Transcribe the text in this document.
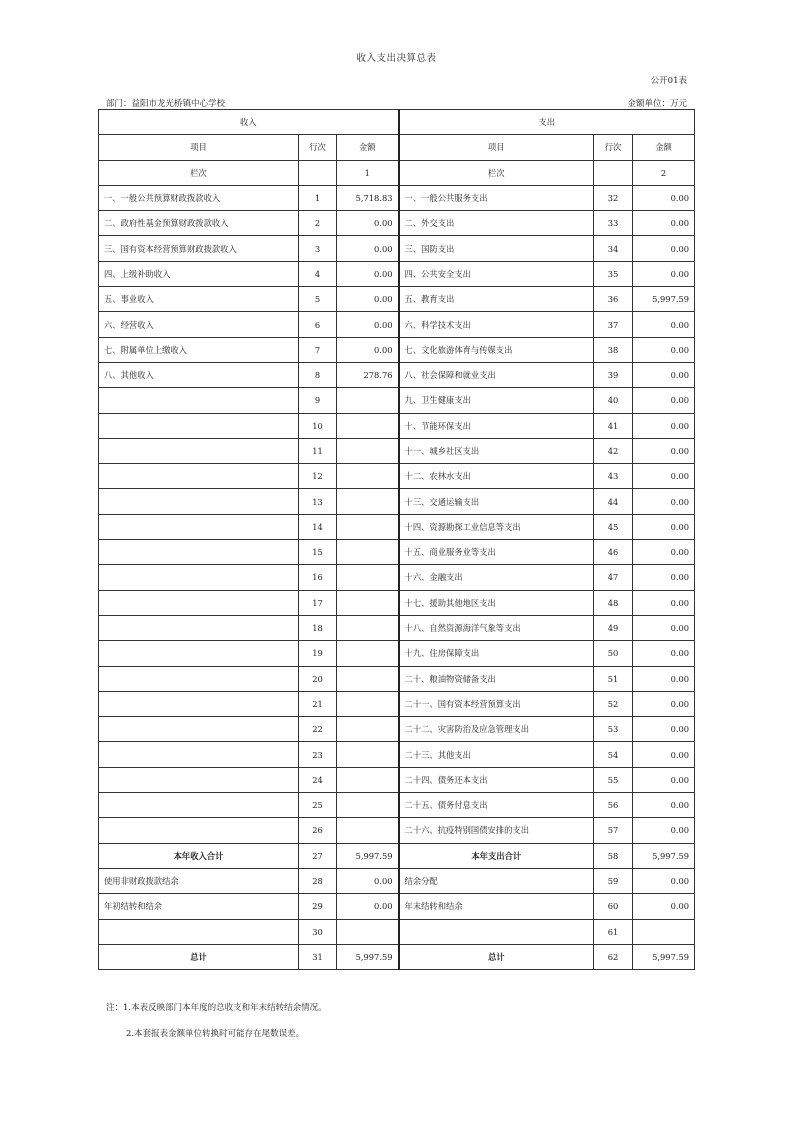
收入支出决算总表
公开01表
部门：益阳市龙光桥镇中心学校	金额单位：万元
收入			支出		
项目	行次	金额	项目	行次	金额
栏次		1	栏次		2
一、一般公共预算财政拨款收入	1	5,718.83	一、一般公共服务支出	32	0.00
二、政府性基金预算财政拨款收入	2	0.00	二、外交支出	33	0.00
三、国有资本经营预算财政拨款收入	3	0.00	三、国防支出	34	0.00
四、上级补助收入	4	0.00	四、公共安全支出	35	0.00
五、事业收入	5	0.00	五、教育支出	36	5,997.59
六、经营收入	6	0.00	六、科学技术支出	37	0.00
七、附属单位上缴收入	7	0.00	七、文化旅游体育与传媒支出	38	0.00
八、其他收入	8	278.76	八、社会保障和就业支出	39	0.00
	9		九、卫生健康支出	40	0.00
	10		十、节能环保支出	41	0.00
	11		十一、城乡社区支出	42	0.00
	12		十二、农林水支出	43	0.00
	13		十三、交通运输支出	44	0.00
	14		十四、资源勘探工业信息等支出	45	0.00
	15		十五、商业服务业等支出	46	0.00
	16		十六、金融支出	47	0.00
	17		十七、援助其他地区支出	48	0.00
	18		十八、自然资源海洋气象等支出	49	0.00
	19		十九、住房保障支出	50	0.00
	20		二十、粮油物资储备支出	51	0.00
	21		二十一、国有资本经营预算支出	52	0.00
	22		二十二、灾害防治及应急管理支出	53	0.00
	23		二十三、其他支出	54	0.00
	24		二十四、债务还本支出	55	0.00
	25		二十五、债务付息支出	56	0.00
	26		二十六、抗疫特别国债安排的支出	57	0.00
本年收入合计	27	5,997.59	本年支出合计	58	5,997.59
使用非财政拨款结余	28	0.00	结余分配	59	0.00
年初结转和结余	29	0.00	年末结转和结余	60	0.00
	30			61	
总计	31	5,997.59	总计	62	5,997.59
注：1.本表反映部门本年度的总收支和年末结转结余情况。
2.本套报表金额单位转换时可能存在尾数误差。
